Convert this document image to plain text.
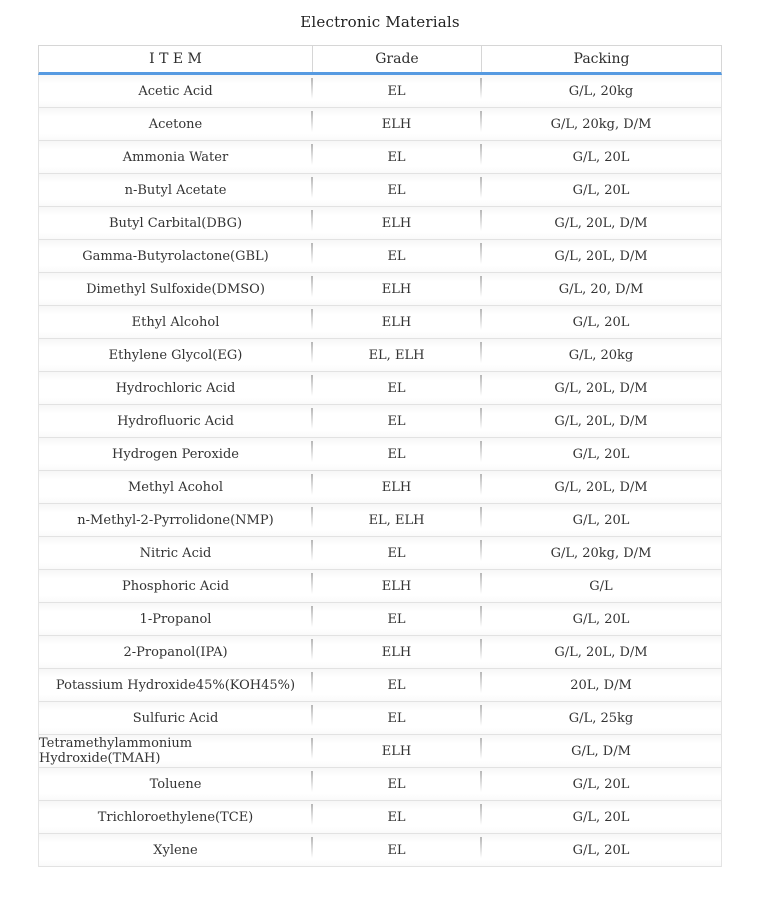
Electronic Materials
I T E M	Grade	Packing
Acetic Acid	EL	G/L, 20kg
Acetone	ELH	G/L, 20kg, D/M
Ammonia Water	EL	G/L, 20L
n-Butyl Acetate	EL	G/L, 20L
Butyl Carbital(DBG)	ELH	G/L, 20L, D/M
Gamma-Butyrolactone(GBL)	EL	G/L, 20L, D/M
Dimethyl Sulfoxide(DMSO)	ELH	G/L, 20, D/M
Ethyl Alcohol	ELH	G/L, 20L
Ethylene Glycol(EG)	EL, ELH	G/L, 20kg
Hydrochloric Acid	EL	G/L, 20L, D/M
Hydrofluoric Acid	EL	G/L, 20L, D/M
Hydrogen Peroxide	EL	G/L, 20L
Methyl Acohol	ELH	G/L, 20L, D/M
n-Methyl-2-Pyrrolidone(NMP)	EL, ELH	G/L, 20L
Nitric Acid	EL	G/L, 20kg, D/M
Phosphoric Acid	ELH	G/L
1-Propanol	EL	G/L, 20L
2-Propanol(IPA)	ELH	G/L, 20L, D/M
Potassium Hydroxide45%(KOH45%)	EL	20L, D/M
Sulfuric Acid	EL	G/L, 25kg
Tetramethylammonium Hydroxide(TMAH)	ELH	G/L, D/M
Toluene	EL	G/L, 20L
Trichloroethylene(TCE)	EL	G/L, 20L
Xylene	EL	G/L, 20L
